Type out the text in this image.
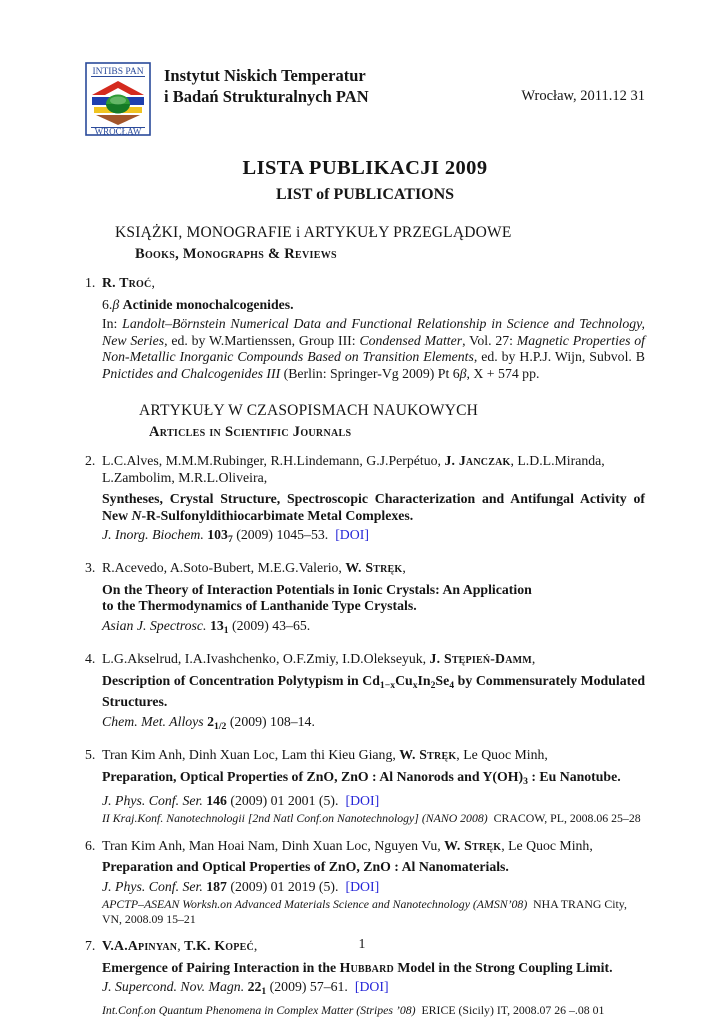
INTIBS PAN
WROCŁAW
Instytut Niskich Temperatur
i Badań Strukturalnych PAN	Wrocław, 2011.12 31
LISTA PUBLIKACJI 2009
LIST of PUBLICATIONS
KSIĄŻKI, MONOGRAFIE i ARTYKUŁY PRZEGLĄDOWE
Books, Monographs & Reviews
1. R. Troć,

6.β Actinide monochalcogenides.

In: Landolt–Börnstein Numerical Data and Functional Relationship in Science and Technology, New Series, ed. by W.Martienssen, Group III: Condensed Matter, Vol. 27: Magnetic Properties of Non-Metallic Inorganic Compounds Based on Transition Elements, ed. by H.P.J. Wijn, Subvol. B Pnictides and Chalcogenides III (Berlin: Springer-Vg 2009) Pt 6β, X + 574 pp.

ARTYKUŁY W CZASOPISMACH NAUKOWYCH
Articles in Scientific Journals
2. L.C.Alves, M.M.M.Rubinger, R.H.Lindemann, G.J.Perpétuo, J. Janczak, L.D.L.Miranda, L.Zambolim, M.R.L.Oliveira,

Syntheses, Crystal Structure, Spectroscopic Characterization and Antifungal Activity of New N-R-Sulfonyldithiocarbimate Metal Complexes.

J. Inorg. Biochem. $103_7$ (2009) 1045–53. [DOI]

3. R.Acevedo, A.Soto-Bubert, M.E.G.Valerio, W. Stręk,

On the Theory of Interaction Potentials in Ionic Crystals: An Application
to the Thermodynamics of Lanthanide Type Crystals.

Asian J. Spectrosc. $13_1$ (2009) 43–65.

4. L.G.Akselrud, I.A.Ivashchenko, O.F.Zmiy, I.D.Olekseyuk, J. Stępień-Damm,

Description of Concentration Polytypism in $Cd_{1-x}Cu_xIn_2Se_4$ by Commensurately Modulated Structures.

Chem. Met. Alloys $2_{1/2}$ (2009) 108–14.

5. Tran Kim Anh, Dinh Xuan Loc, Lam thi Kieu Giang, W. Stręk, Le Quoc Minh,

Preparation, Optical Properties of ZnO, ZnO : Al Nanorods and $Y(OH)_3$ : Eu Nanotube.

J. Phys. Conf. Ser. 146 (2009) 01 2001 (5). [DOI]

II Kraj.Konf. Nanotechnologii [2nd Natl Conf.on Nanotechnology] (NANO 2008) CRACOW, PL, 2008.06 25–28

6. Tran Kim Anh, Man Hoai Nam, Dinh Xuan Loc, Nguyen Vu, W. Stręk, Le Quoc Minh,

Preparation and Optical Properties of ZnO, ZnO : Al Nanomaterials.

J. Phys. Conf. Ser. 187 (2009) 01 2019 (5). [DOI]

APCTP–ASEAN Worksh.on Advanced Materials Science and Nanotechnology (AMSN’08) NHA TRANG City, VN, 2008.09 15–21

7. V.A.Apinyan, T.K. Kopeć,

Emergence of Pairing Interaction in the Hubbard Model in the Strong Coupling Limit.

J. Supercond. Nov. Magn. $22_1$ (2009) 57–61. [DOI]

Int.Conf.on Quantum Phenomena in Complex Matter (Stripes ’08) ERICE (Sicily) IT, 2008.07 26 –.08 01

1
